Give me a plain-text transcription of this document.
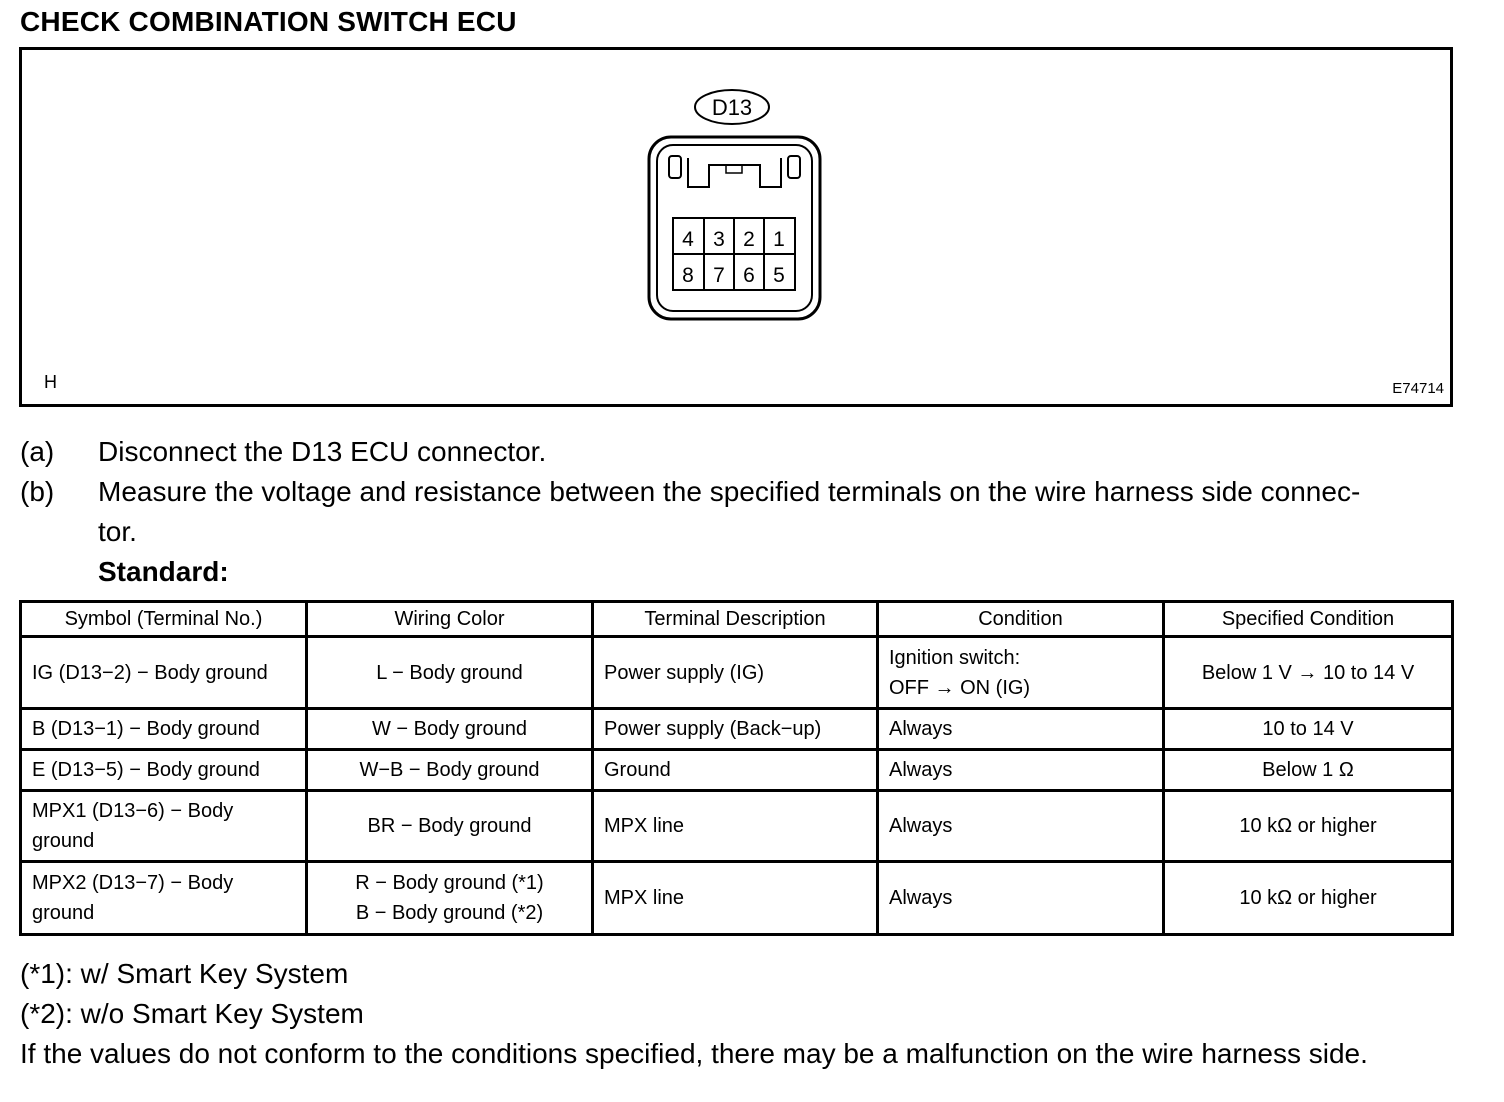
CHECK COMBINATION SWITCH ECU
D13
4 3 2 1
8 7 6 5
H	E74714
(a) Disconnect the D13 ECU connector.
(b) Measure the voltage and resistance between the specified terminals on the wire harness side connec-
tor.
Standard:
Symbol (Terminal No.)	Wiring Color	Terminal Description	Condition	Specified Condition

IG (D13−2) − Body ground	L − Body ground	Power supply (IG)	Ignition switch:
OFF → ON (IG)	Below 1 V → 10 to 14 V

B (D13−1) − Body ground	W − Body ground	Power supply (Back−up)	Always	10 to 14 V

E (D13−5) − Body ground	W−B − Body ground	Ground	Always	Below 1 Ω

MPX1 (D13−6) − Body
ground	BR − Body ground	MPX line	Always	10 kΩ or higher

MPX2 (D13−7) − Body
ground	R − Body ground (*1)
B − Body ground (*2)	MPX line	Always	10 kΩ or higher
(*1): w/ Smart Key System
(*2): w/o Smart Key System
If the values do not conform to the conditions specified, there may be a malfunction on the wire harness side.
